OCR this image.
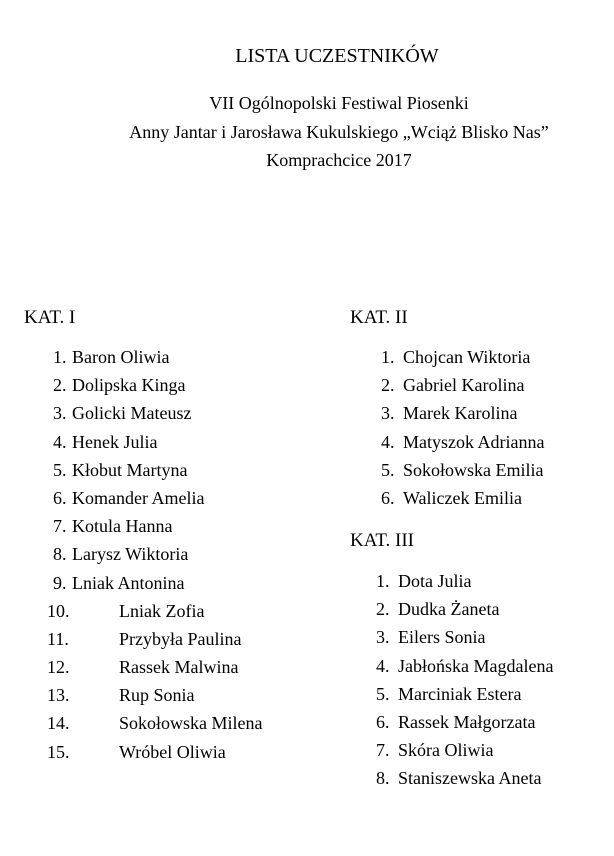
LISTA UCZESTNIKÓW
VII Ogólnopolski Festiwal Piosenki
Anny Jantar i Jarosława Kukulskiego „Wciąż Blisko Nas”
Komprachcice 2017
KAT. I
1. Baron Oliwia
2. Dolipska Kinga
3. Golicki Mateusz
4. Henek Julia
5. Kłobut Martyna
6. Komander Amelia
7. Kotula Hanna
8. Larysz Wiktoria
9. Lniak Antonina
10.	Lniak Zofia
11.	Przybyła Paulina
12.	Rassek Malwina
13.	Rup Sonia
14.	Sokołowska Milena
15.	Wróbel Oliwia
KAT. II
1. Chojcan Wiktoria
2. Gabriel Karolina
3. Marek Karolina
4. Matyszok Adrianna
5. Sokołowska Emilia
6. Waliczek Emilia
KAT. III
1. Dota Julia
2. Dudka Żaneta
3. Eilers Sonia
4. Jabłońska Magdalena
5. Marciniak Estera
6. Rassek Małgorzata
7. Skóra Oliwia
8. Staniszewska Aneta
